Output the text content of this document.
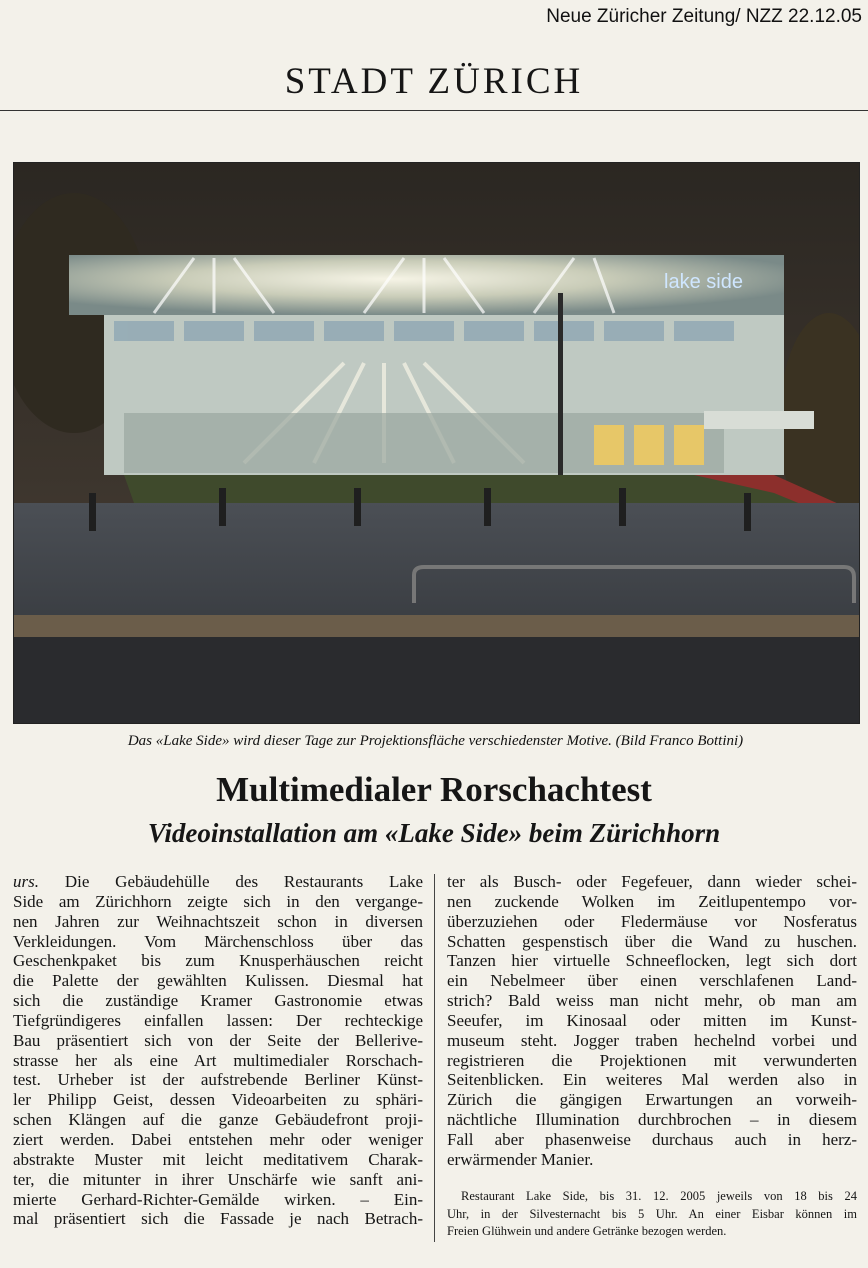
Neue Züricher Zeitung/ NZZ 22.12.05
STADT ZÜRICH
lake side
Das «Lake Side» wird dieser Tage zur Projektionsfläche verschiedenster Motive. (Bild Franco Bottini)
Multimedialer Rorschachtest
Videoinstallation am «Lake Side» beim Zürichhorn
urs. Die Gebäudehülle des Restaurants Lake
Side am Zürichhorn zeigte sich in den vergange-
nen Jahren zur Weihnachtszeit schon in diversen
Verkleidungen. Vom Märchenschloss über das
Geschenkpaket bis zum Knusperhäuschen reicht
die Palette der gewählten Kulissen. Diesmal hat
sich die zuständige Kramer Gastronomie etwas
Tiefgründigeres einfallen lassen: Der rechteckige
Bau präsentiert sich von der Seite der Bellerive-
strasse her als eine Art multimedialer Rorschach-
test. Urheber ist der aufstrebende Berliner Künst-
ler Philipp Geist, dessen Videoarbeiten zu sphäri-
schen Klängen auf die ganze Gebäudefront proji-
ziert werden. Dabei entstehen mehr oder weniger
abstrakte Muster mit leicht meditativem Charak-
ter, die mitunter in ihrer Unschärfe wie sanft ani-
mierte Gerhard-Richter-Gemälde wirken. – Ein-
mal präsentiert sich die Fassade je nach Betrach-
ter als Busch- oder Fegefeuer, dann wieder schei-
nen zuckende Wolken im Zeitlupentempo vor-
überzuziehen oder Fledermäuse vor Nosferatus
Schatten gespenstisch über die Wand zu huschen.
Tanzen hier virtuelle Schneeflocken, legt sich dort
ein Nebelmeer über einen verschlafenen Land-
strich? Bald weiss man nicht mehr, ob man am
Seeufer, im Kinosaal oder mitten im Kunst-
museum steht. Jogger traben hechelnd vorbei und
registrieren die Projektionen mit verwunderten
Seitenblicken. Ein weiteres Mal werden also in
Zürich die gängigen Erwartungen an vorweih-
nächtliche Illumination durchbrochen – in diesem
Fall aber phasenweise durchaus auch in herz-
erwärmender Manier.
Restaurant Lake Side, bis 31. 12. 2005 jeweils von 18 bis 24
Uhr, in der Silvesternacht bis 5 Uhr. An einer Eisbar können im
Freien Glühwein und andere Getränke bezogen werden.
